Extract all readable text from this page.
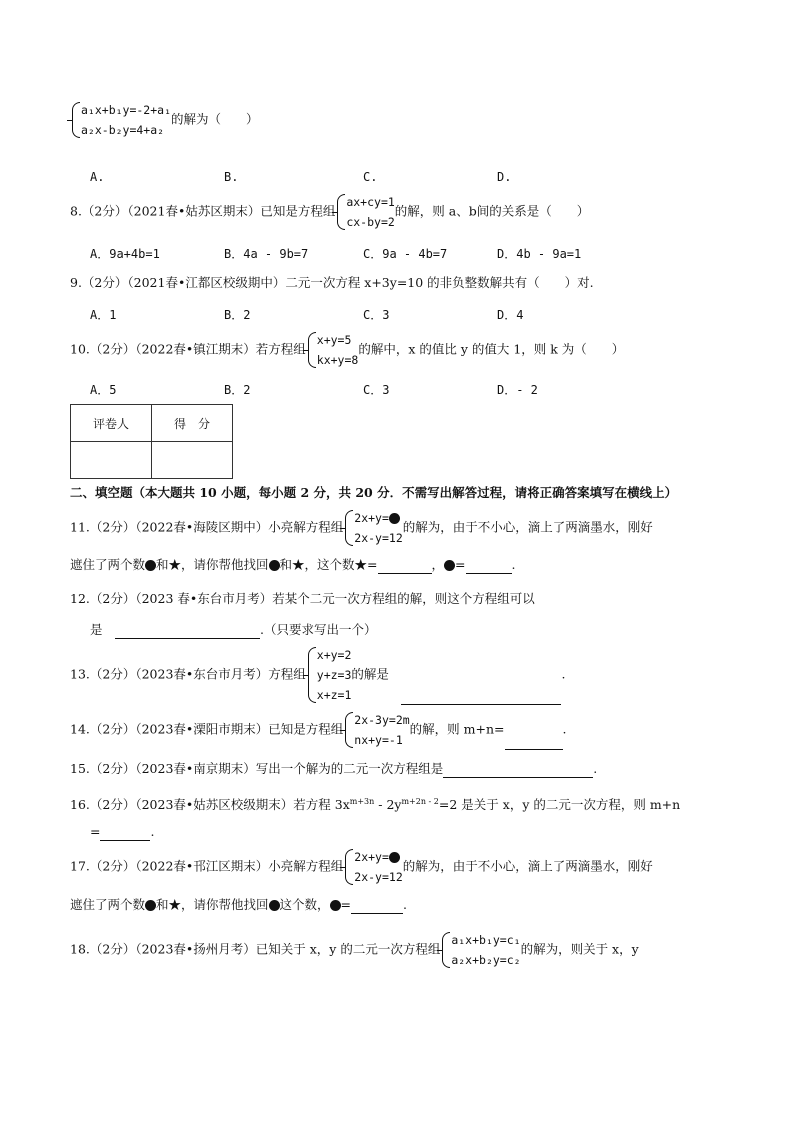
a₁x+b₁y=-2+a₁
a₂x-b₂y=4+a₂
的解为（　　）
A.	B.	C.	D.
8.（2分）（2021春•姑苏区期末）已知是方程组
ax+cy=1
cx-by=2
的解，则 a、b间的关系是（　　）
A．9a+4b=1	B．4a - 9b=7	C．9a - 4b=7	D．4b - 9a=1
9.（2分）（2021春•江都区校级期中）二元一次方程 x+3y=10 的非负整数解共有（　　）对.
A．1	B．2	C．3	D．4
10.（2分）（2022春•镇江期末）若方程组
x+y=5
kx+y=8
的解中，x 的值比 y 的值大 1，则 k 为（　　）
A．5	B．2	C．3	D．- 2
评卷人	得　分

二、填空题（本大题共 10 小题，每小题 2 分，共 20 分．不需写出解答过程，请将正确答案填写在横线上）
11.（2分）（2022春•海陵区期中）小亮解方程组
2x+y=
2x-y=12
的解为，由于不小心，滴上了两滴墨水，刚好
遮住了两个数 和★，请你帮他找回 和★，这个数★=	， =	.
12.（2分）（2023 春•东台市月考）若某个二元一次方程组的解，则这个方程组可以
是　	.（只要求写出一个）
13.（2分）（2023春•东台市月考）方程组
x+y=2
y+z=3
x+z=1
的解是　	.
14.（2分）（2023春•溧阳市期末）已知是方程组
2x-3y=2m
nx+y=-1
的解，则 m+n=	.
15.（2分）（2023春•南京期末）写出一个解为的二元一次方程组是	.
16.（2分）（2023春•姑苏区校级期末）若方程 $3x^{m+3n} - 2y^{m+2n - 2}=2$ 是关于 x，y 的二元一次方程，则 m+n
=	.
17.（2分）（2022春•邗江区期末）小亮解方程组
2x+y=
2x-y=12
的解为，由于不小心，滴上了两滴墨水，刚好
遮住了两个数 和★，请你帮他找回 这个数， =	.
18.（2分）（2023春•扬州月考）已知关于 x，y 的二元一次方程组
a₁x+b₁y=c₁
a₂x+b₂y=c₂
的解为，则关于 x，y
